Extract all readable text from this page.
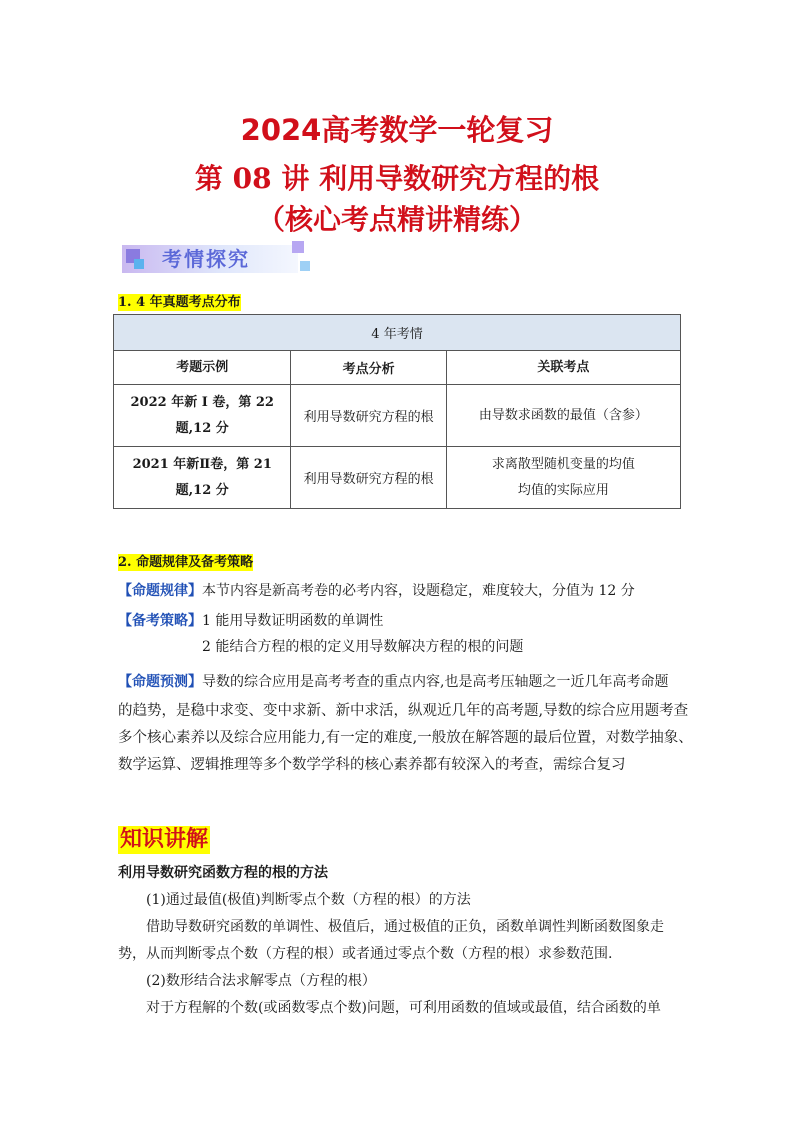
2024高考数学一轮复习
第 08 讲 利用导数研究方程的根
（核心考点精讲精练）
考情探究
1. 4 年真题考点分布
4 年考情		
考题示例	考点分析	关联考点
2022 年新 I 卷，第 22 题,12 分	利用导数研究方程的根	由导数求函数的最值（含参）

2021 年新Ⅱ卷，第 21 题,12 分	利用导数研究方程的根	求离散型随机变量的均值
均值的实际应用
2. 命题规律及备考策略
【命题规律】本节内容是新高考卷的必考内容，设题稳定，难度较大，分值为 12 分
【备考策略】1 能用导数证明函数的单调性
2 能结合方程的根的定义用导数解决方程的根的问题
【命题预测】导数的综合应用是高考考查的重点内容,也是高考压轴题之一近几年高考命题
的趋势，是稳中求变、变中求新、新中求活，纵观近几年的高考题,导数的综合应用题考查
多个核心素养以及综合应用能力,有一定的难度,一般放在解答题的最后位置，对数学抽象、
数学运算、逻辑推理等多个数学学科的核心素养都有较深入的考查，需综合复习
知识讲解
利用导数研究函数方程的根的方法
(1)通过最值(极值)判断零点个数（方程的根）的方法
借助导数研究函数的单调性、极值后，通过极值的正负，函数单调性判断函数图象走
势，从而判断零点个数（方程的根）或者通过零点个数（方程的根）求参数范围.
(2)数形结合法求解零点（方程的根）
对于方程解的个数(或函数零点个数)问题，可利用函数的值域或最值，结合函数的单
